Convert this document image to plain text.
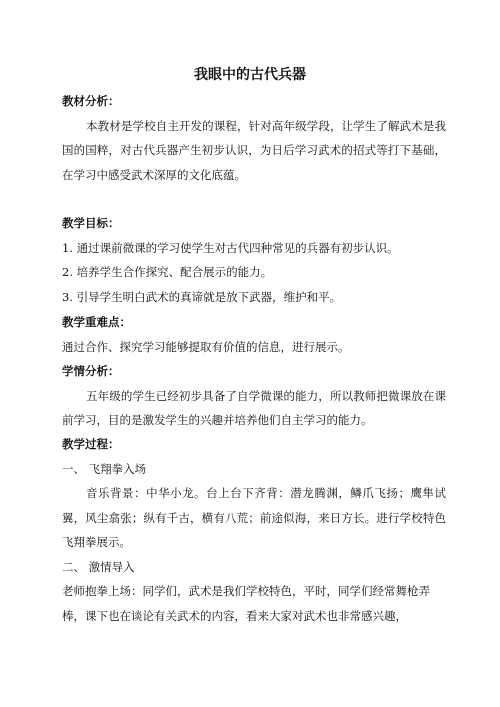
我眼中的古代兵器

教材分析：

本教材是学校自主开发的课程，针对高年级学段，让学生了解武术是我国的国粹，对古代兵器产生初步认识，为日后学习武术的招式等打下基础，在学习中感受武术深厚的文化底蕴。

教学目标：

1. 通过课前微课的学习使学生对古代四种常见的兵器有初步认识。

2. 培养学生合作探究、配合展示的能力。

3. 引导学生明白武术的真谛就是放下武器，维护和平。

教学重难点：

通过合作、探究学习能够提取有价值的信息，进行展示。

学情分析：

五年级的学生已经初步具备了自学微课的能力，所以教师把微课放在课前学习，目的是激发学生的兴趣并培养他们自主学习的能力。

教学过程：

一、 飞翔拳入场

音乐背景：中华小龙。台上台下齐背：潜龙腾渊，鳞爪飞扬；鹰隼试翼，风尘翕张；纵有千古，横有八荒；前途似海，来日方长。进行学校特色飞翔拳展示。

二、 激情导入

老师抱拳上场：同学们，武术是我们学校特色，平时，同学们经常舞枪弄棒，课下也在谈论有关武术的内容，看来大家对武术也非常感兴趣，
